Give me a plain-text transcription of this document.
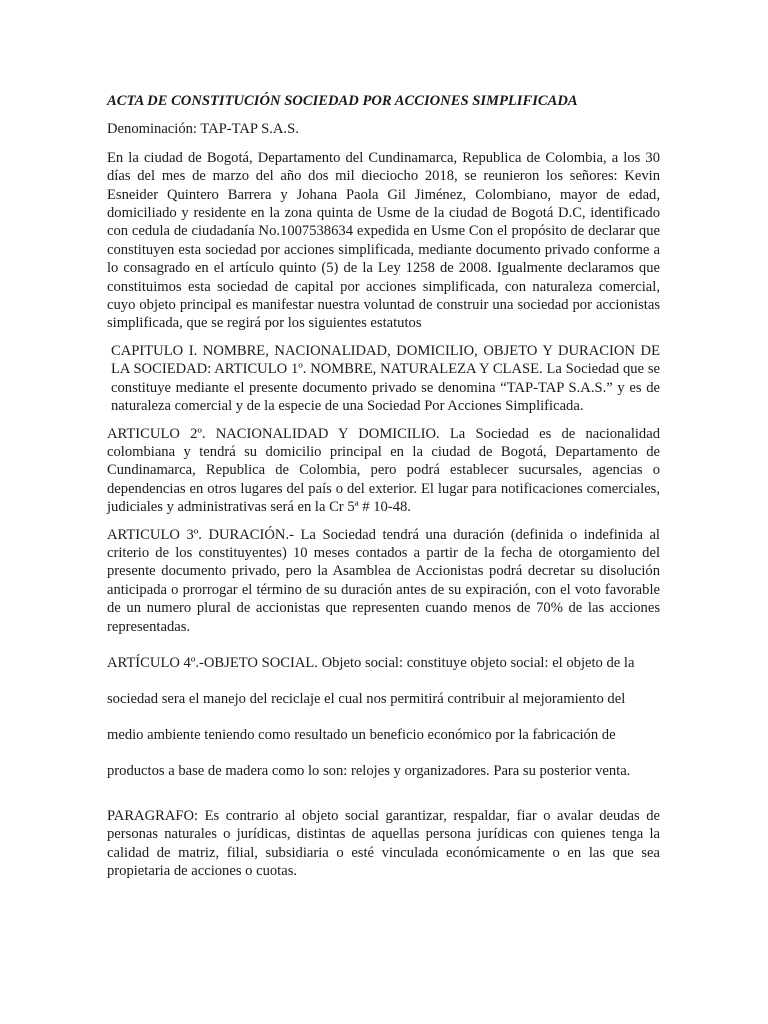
ACTA DE CONSTITUCIÓN SOCIEDAD POR ACCIONES SIMPLIFICADA

Denominación: TAP-TAP S.A.S.

En la ciudad de Bogotá, Departamento del Cundinamarca, Republica de Colombia, a los 30 días del mes de marzo del año dos mil dieciocho 2018, se reunieron los señores: Kevin Esneider Quintero Barrera y Johana Paola Gil Jiménez, Colombiano, mayor de edad, domiciliado y residente en la zona quinta de Usme de la ciudad de Bogotá D.C, identificado con cedula de ciudadanía No.1007538634 expedida en Usme Con el propósito de declarar que constituyen esta sociedad por acciones simplificada, mediante documento privado conforme a lo consagrado en el artículo quinto (5) de la Ley 1258 de 2008. Igualmente declaramos que constituimos esta sociedad de capital por acciones simplificada, con naturaleza comercial, cuyo objeto principal es manifestar nuestra voluntad de construir una sociedad por accionistas simplificada, que se regirá por los siguientes estatutos

CAPITULO I. NOMBRE, NACIONALIDAD, DOMICILIO, OBJETO Y DURACION DE LA SOCIEDAD: ARTICULO 1º. NOMBRE, NATURALEZA Y CLASE. La Sociedad que se constituye mediante el presente documento privado se denomina “TAP-TAP S.A.S.” y es de naturaleza comercial y de la especie de una Sociedad Por Acciones Simplificada.

ARTICULO 2º. NACIONALIDAD Y DOMICILIO. La Sociedad es de nacionalidad colombiana y tendrá su domicilio principal en la ciudad de Bogotá, Departamento de Cundinamarca, Republica de Colombia, pero podrá establecer sucursales, agencias o dependencias en otros lugares del país o del exterior. El lugar para notificaciones comerciales, judiciales y administrativas será en la Cr 5ª # 10-48.

ARTICULO 3º. DURACIÓN.- La Sociedad tendrá una duración (definida o indefinida al criterio de los constituyentes) 10 meses contados a partir de la fecha de otorgamiento del presente documento privado, pero la Asamblea de Accionistas podrá decretar su disolución anticipada o prorrogar el término de su duración antes de su expiración, con el voto favorable de un numero plural de accionistas que representen cuando menos de 70% de las acciones representadas.

ARTÍCULO 4º.-OBJETO SOCIAL. Objeto social: constituye objeto social: el objeto de la
sociedad sera el manejo del reciclaje el cual nos permitirá contribuir al mejoramiento del
medio ambiente teniendo como resultado un beneficio económico por la fabricación de
productos a base de madera como lo son: relojes y organizadores. Para su posterior venta.

PARAGRAFO: Es contrario al objeto social garantizar, respaldar, fiar o avalar deudas de personas naturales o jurídicas, distintas de aquellas persona jurídicas con quienes tenga la calidad de matriz, filial, subsidiaria o esté vinculada económicamente o en las que sea propietaria de acciones o cuotas.
